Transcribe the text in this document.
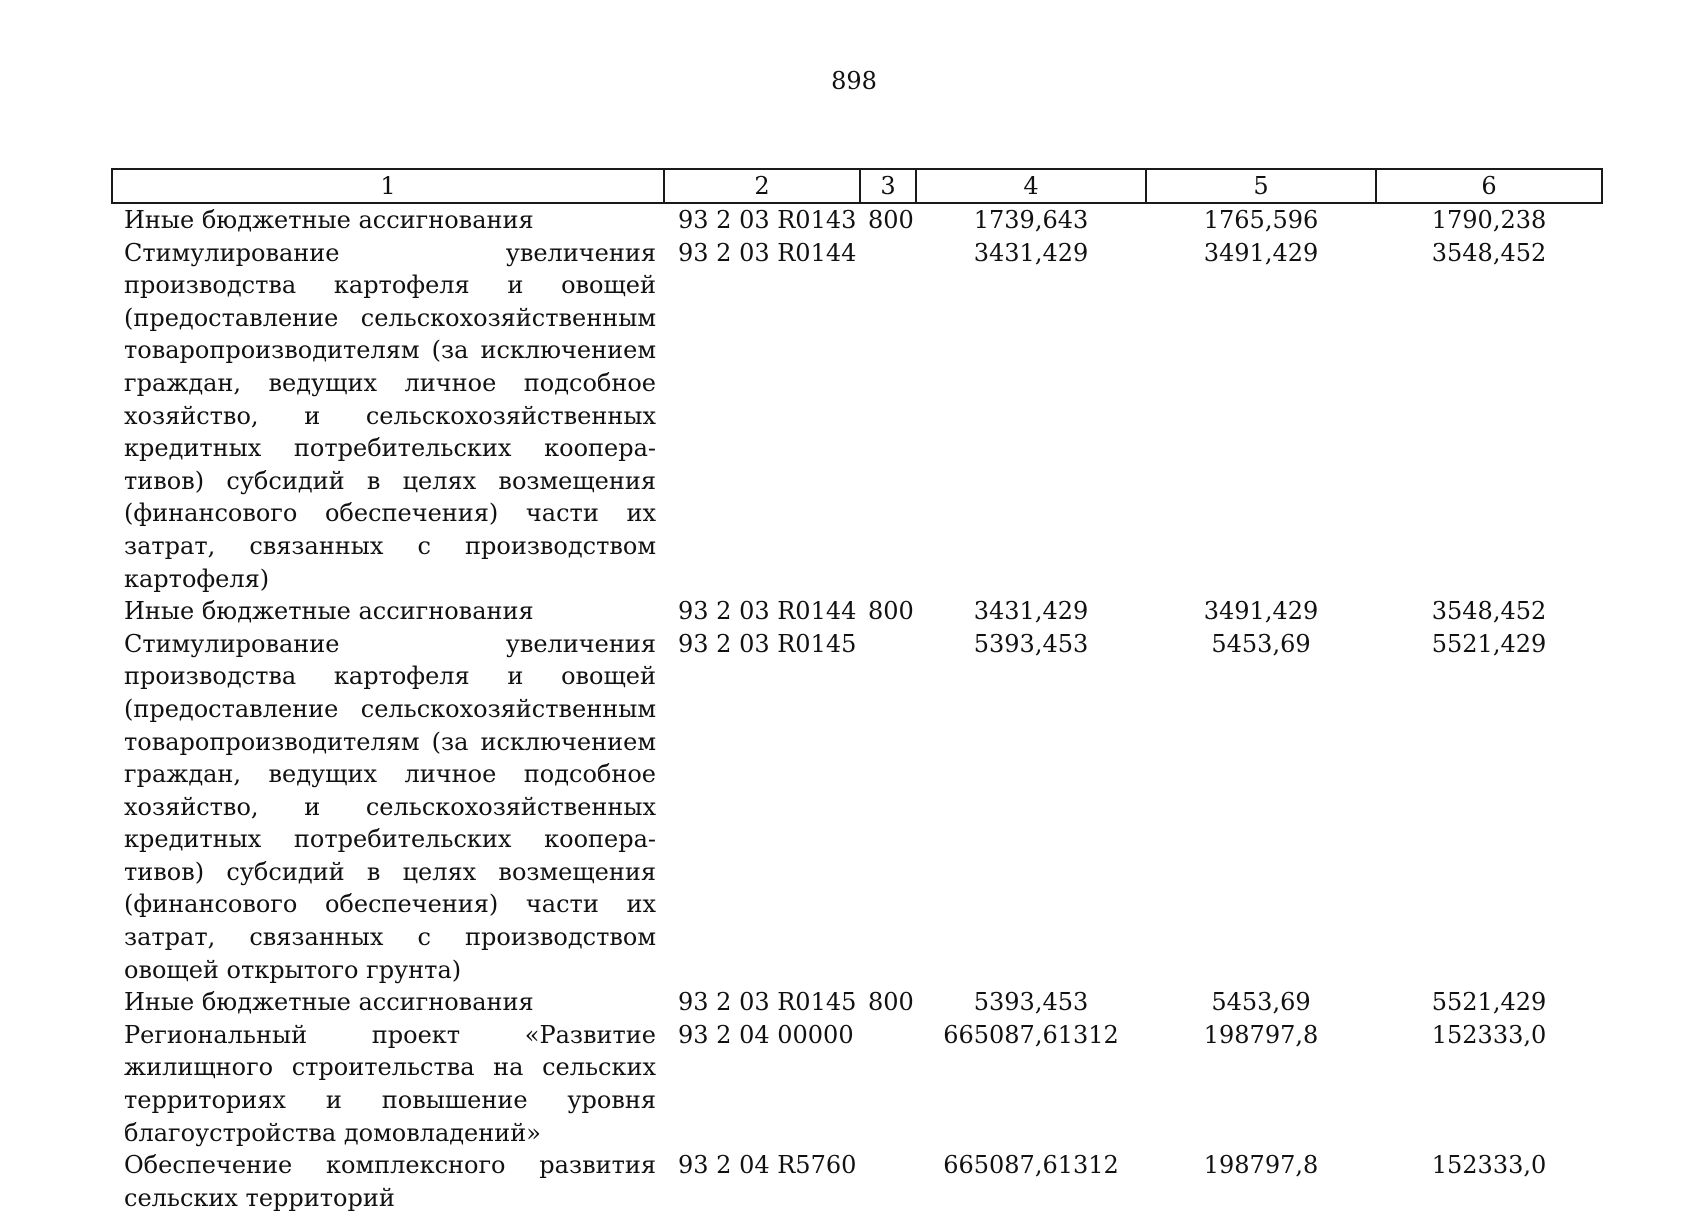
898
1	2	3	4	5	6
Иные бюджетные ассигнования	93 2 03 R0143	800	1739,643	1765,596	1790,238
Стимулирование увеличения производства картофеля и овощей (предоставление сельскохозяйственным товаропроизводителям (за исключением граждан, ведущих личное подсобное хозяйство, и сельскохозяйственных кредитных потребительских кооперативов) субсидий в целях возмещения (финансового обеспечения) части их затрат, связанных с производством картофеля)	93 2 03 R0144		3431,429	3491,429	3548,452
Иные бюджетные ассигнования	93 2 03 R0144	800	3431,429	3491,429	3548,452
Стимулирование увеличения производства картофеля и овощей (предоставление сельскохозяйственным товаропроизводителям (за исключением граждан, ведущих личное подсобное хозяйство, и сельскохозяйственных кредитных потребительских кооперативов) субсидий в целях возмещения (финансового обеспечения) части их затрат, связанных с производством овощей открытого грунта)	93 2 03 R0145		5393,453	5453,69	5521,429
Иные бюджетные ассигнования	93 2 03 R0145	800	5393,453	5453,69	5521,429
Региональный проект «Развитие жилищного строительства на сельских территориях и повышение уровня благоустройства домовладений»	93 2 04 00000		665087,61312	198797,8	152333,0
Обеспечение комплексного развития сельских территорий	93 2 04 R5760		665087,61312	198797,8	152333,0
